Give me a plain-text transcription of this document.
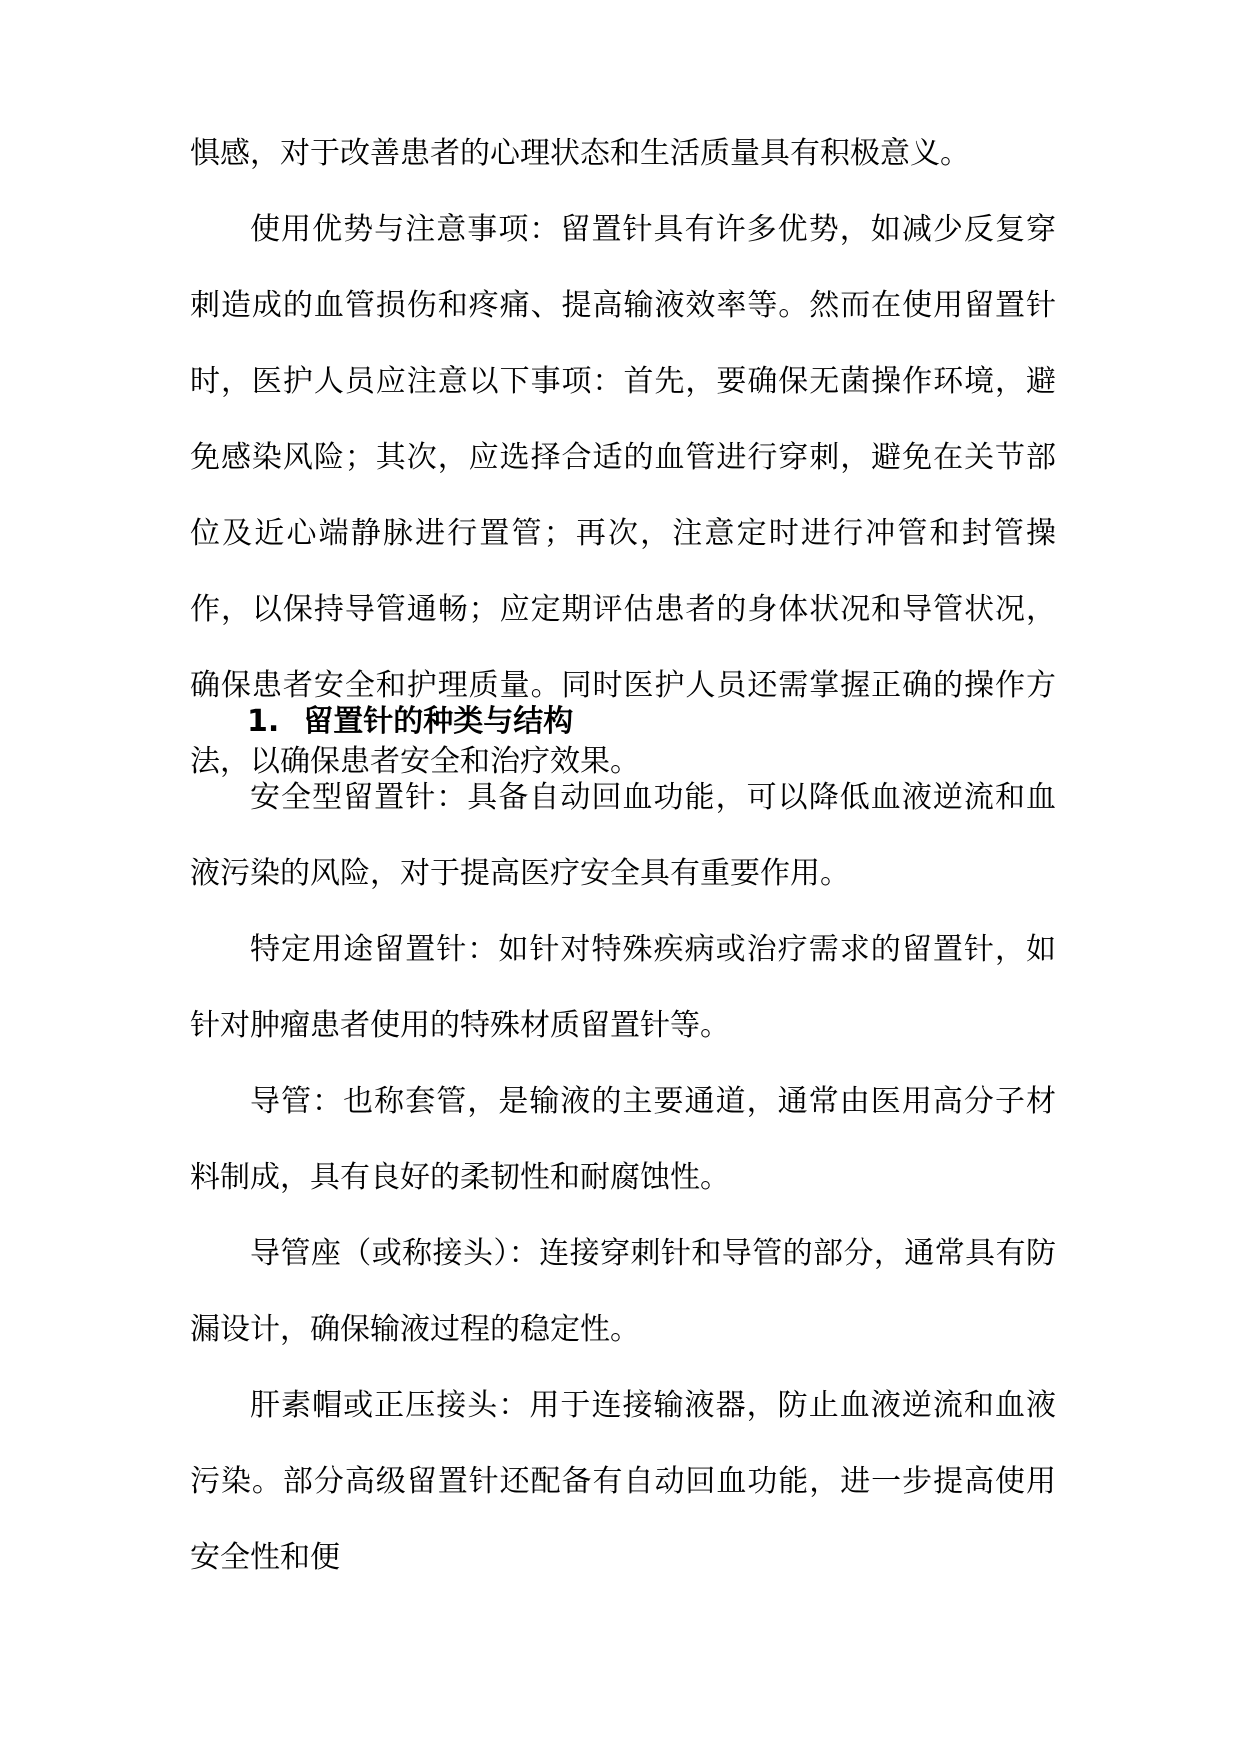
惧感，对于改善患者的心理状态和生活质量具有积极意义。

使用优势与注意事项：留置针具有许多优势，如减少反复穿刺造成的血管损伤和疼痛、提高输液效率等。然而在使用留置针时，医护人员应注意以下事项：首先，要确保无菌操作环境，避免感染风险；其次，应选择合适的血管进行穿刺，避免在关节部位及近心端静脉进行置管；再次，注意定时进行冲管和封管操作，以保持导管通畅；应定期评估患者的身体状况和导管状况，确保患者安全和护理质量。同时医护人员还需掌握正确的操作方法，以确保患者安全和治疗效果。

1. 留置针的种类与结构

安全型留置针：具备自动回血功能，可以降低血液逆流和血液污染的风险，对于提高医疗安全具有重要作用。

特定用途留置针：如针对特殊疾病或治疗需求的留置针，如针对肿瘤患者使用的特殊材质留置针等。

导管：也称套管，是输液的主要通道，通常由医用高分子材料制成，具有良好的柔韧性和耐腐蚀性。

导管座（或称接头）：连接穿刺针和导管的部分，通常具有防漏设计，确保输液过程的稳定性。

肝素帽或正压接头：用于连接输液器，防止血液逆流和血液污染。部分高级留置针还配备有自动回血功能，进一步提高使用安全性和便
